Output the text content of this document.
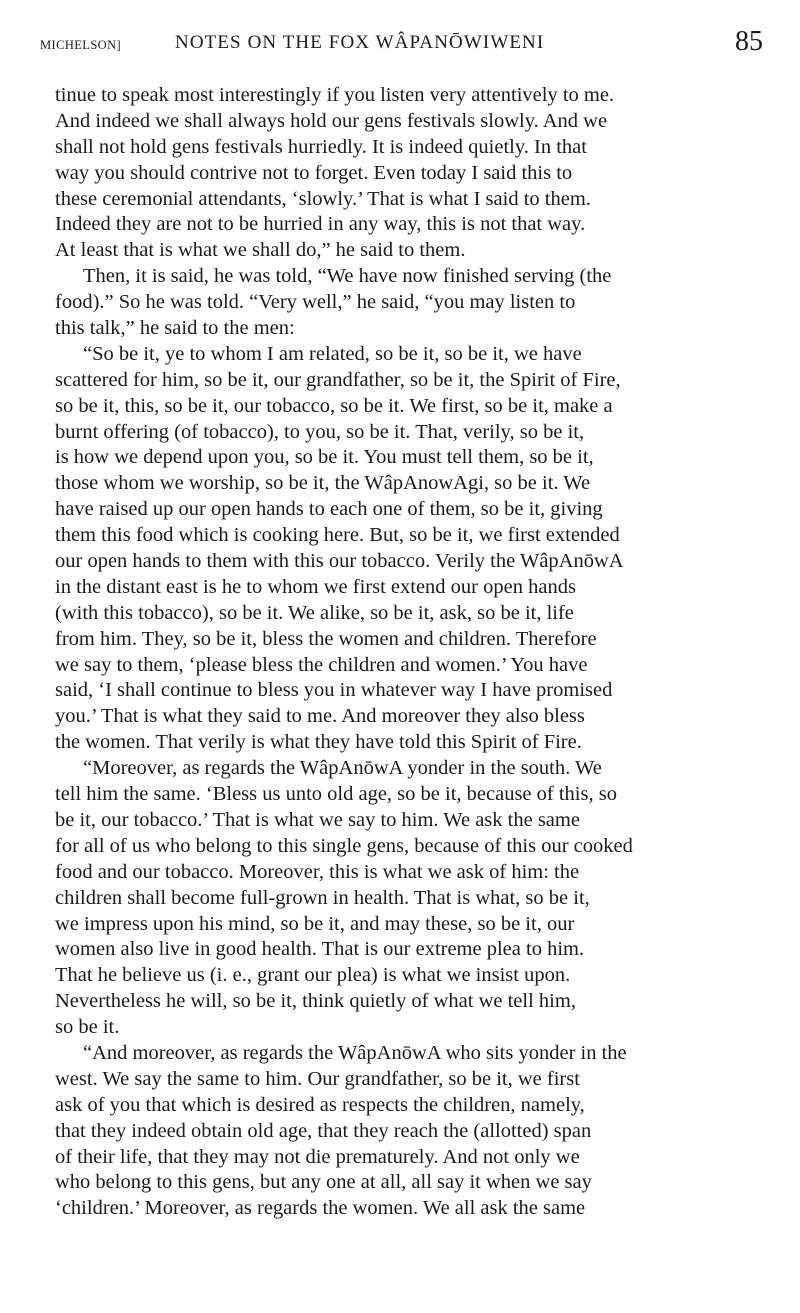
MICHELSON]	NOTES ON THE FOX WÂPANŌWIWENI	85
tinue to speak most interestingly if you listen very attentively to me.
And indeed we shall always hold our gens festivals slowly. And we
shall not hold gens festivals hurriedly. It is indeed quietly. In that
way you should contrive not to forget. Even today I said this to
these ceremonial attendants, ‘slowly.’ That is what I said to them.
Indeed they are not to be hurried in any way, this is not that way.
At least that is what we shall do,” he said to them.
Then, it is said, he was told, “We have now finished serving (the
food).” So he was told. “Very well,” he said, “you may listen to
this talk,” he said to the men:
“So be it, ye to whom I am related, so be it, so be it, we have
scattered for him, so be it, our grandfather, so be it, the Spirit of Fire,
so be it, this, so be it, our tobacco, so be it. We first, so be it, make a
burnt offering (of tobacco), to you, so be it. That, verily, so be it,
is how we depend upon you, so be it. You must tell them, so be it,
those whom we worship, so be it, the WâpAnowAgi, so be it. We
have raised up our open hands to each one of them, so be it, giving
them this food which is cooking here. But, so be it, we first extended
our open hands to them with this our tobacco. Verily the WâpAnōwA
in the distant east is he to whom we first extend our open hands
(with this tobacco), so be it. We alike, so be it, ask, so be it, life
from him. They, so be it, bless the women and children. Therefore
we say to them, ‘please bless the children and women.’ You have
said, ‘I shall continue to bless you in whatever way I have promised
you.’ That is what they said to me. And moreover they also bless
the women. That verily is what they have told this Spirit of Fire.
“Moreover, as regards the WâpAnōwA yonder in the south. We
tell him the same. ‘Bless us unto old age, so be it, because of this, so
be it, our tobacco.’ That is what we say to him. We ask the same
for all of us who belong to this single gens, because of this our cooked
food and our tobacco. Moreover, this is what we ask of him: the
children shall become full-grown in health. That is what, so be it,
we impress upon his mind, so be it, and may these, so be it, our
women also live in good health. That is our extreme plea to him.
That he believe us (i. e., grant our plea) is what we insist upon.
Nevertheless he will, so be it, think quietly of what we tell him,
so be it.
“And moreover, as regards the WâpAnōwA who sits yonder in the
west. We say the same to him. Our grandfather, so be it, we first
ask of you that which is desired as respects the children, namely,
that they indeed obtain old age, that they reach the (allotted) span
of their life, that they may not die prematurely. And not only we
who belong to this gens, but any one at all, all say it when we say
‘children.’ Moreover, as regards the women. We all ask the same
